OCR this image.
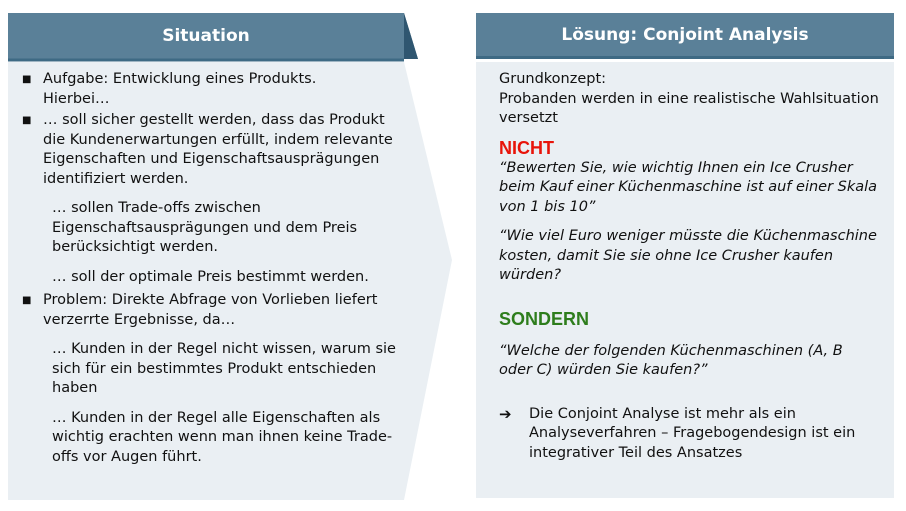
Situation	Lösung: Conjoint Analysis
■ Aufgabe: Entwicklung eines Produkts.
Hierbei…
■ … soll sicher gestellt werden, dass das Produkt die Kundenerwartungen erfüllt, indem relevante Eigenschaften und Eigenschaftsausprägungen identifiziert werden.
… sollen Trade-offs zwischen Eigenschaftsausprägungen und dem Preis berücksichtigt werden.
… soll der optimale Preis bestimmt werden.
■ Problem: Direkte Abfrage von Vorlieben liefert verzerrte Ergebnisse, da…
… Kunden in der Regel nicht wissen, warum sie sich für ein bestimmtes Produkt entschieden haben
… Kunden in der Regel alle Eigenschaften als wichtig erachten wenn man ihnen keine Trade-offs vor Augen führt.
Grundkonzept:
Probanden werden in eine realistische Wahlsituation versetzt
NICHT
“Bewerten Sie, wie wichtig Ihnen ein Ice Crusher beim Kauf einer Küchenmaschine ist auf einer Skala von 1 bis 10”
“Wie viel Euro weniger müsste die Küchenmaschine kosten, damit Sie sie ohne Ice Crusher kaufen würden?
SONDERN
“Welche der folgenden Küchenmaschinen (A, B oder C) würden Sie kaufen?”
➔	Die Conjoint Analyse ist mehr als ein Analyseverfahren – Fragebogendesign ist ein integrativer Teil des Ansatzes
